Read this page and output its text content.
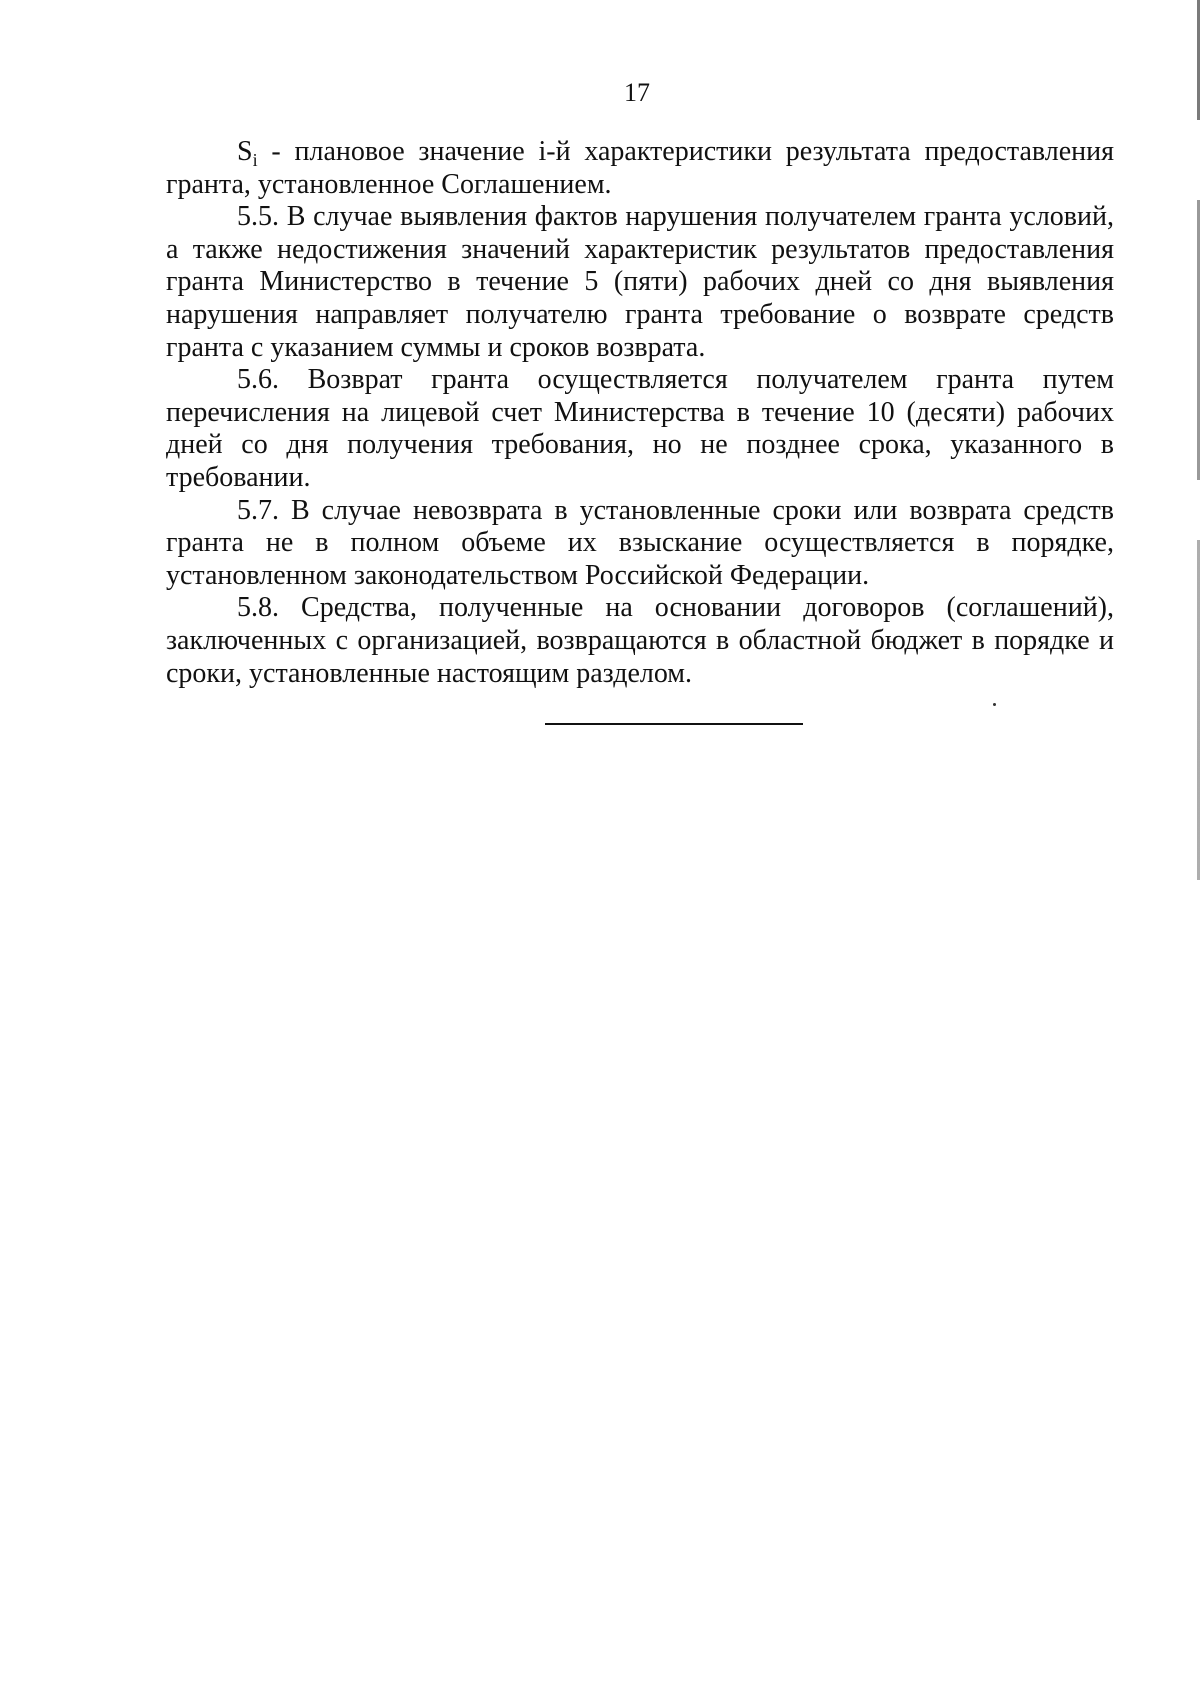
17

$S_i$ - плановое значение i-й характеристики результата предоставления гранта, установленное Соглашением.

5.5. В случае выявления фактов нарушения получателем гранта условий, а также недостижения значений характеристик результатов предоставления гранта Министерство в течение 5 (пяти) рабочих дней со дня выявления нарушения направляет получателю гранта требование о возврате средств гранта с указанием суммы и сроков возврата.

5.6. Возврат гранта осуществляется получателем гранта путем перечисления на лицевой счет Министерства в течение 10 (десяти) рабочих дней со дня получения требования, но не позднее срока, указанного в требовании.

5.7. В случае невозврата в установленные сроки или возврата средств гранта не в полном объеме их взыскание осуществляется в порядке, установленном законодательством Российской Федерации.

5.8. Средства, полученные на основании договоров (соглашений), заключенных с организацией, возвращаются в областной бюджет в порядке и сроки, установленные настоящим разделом.
